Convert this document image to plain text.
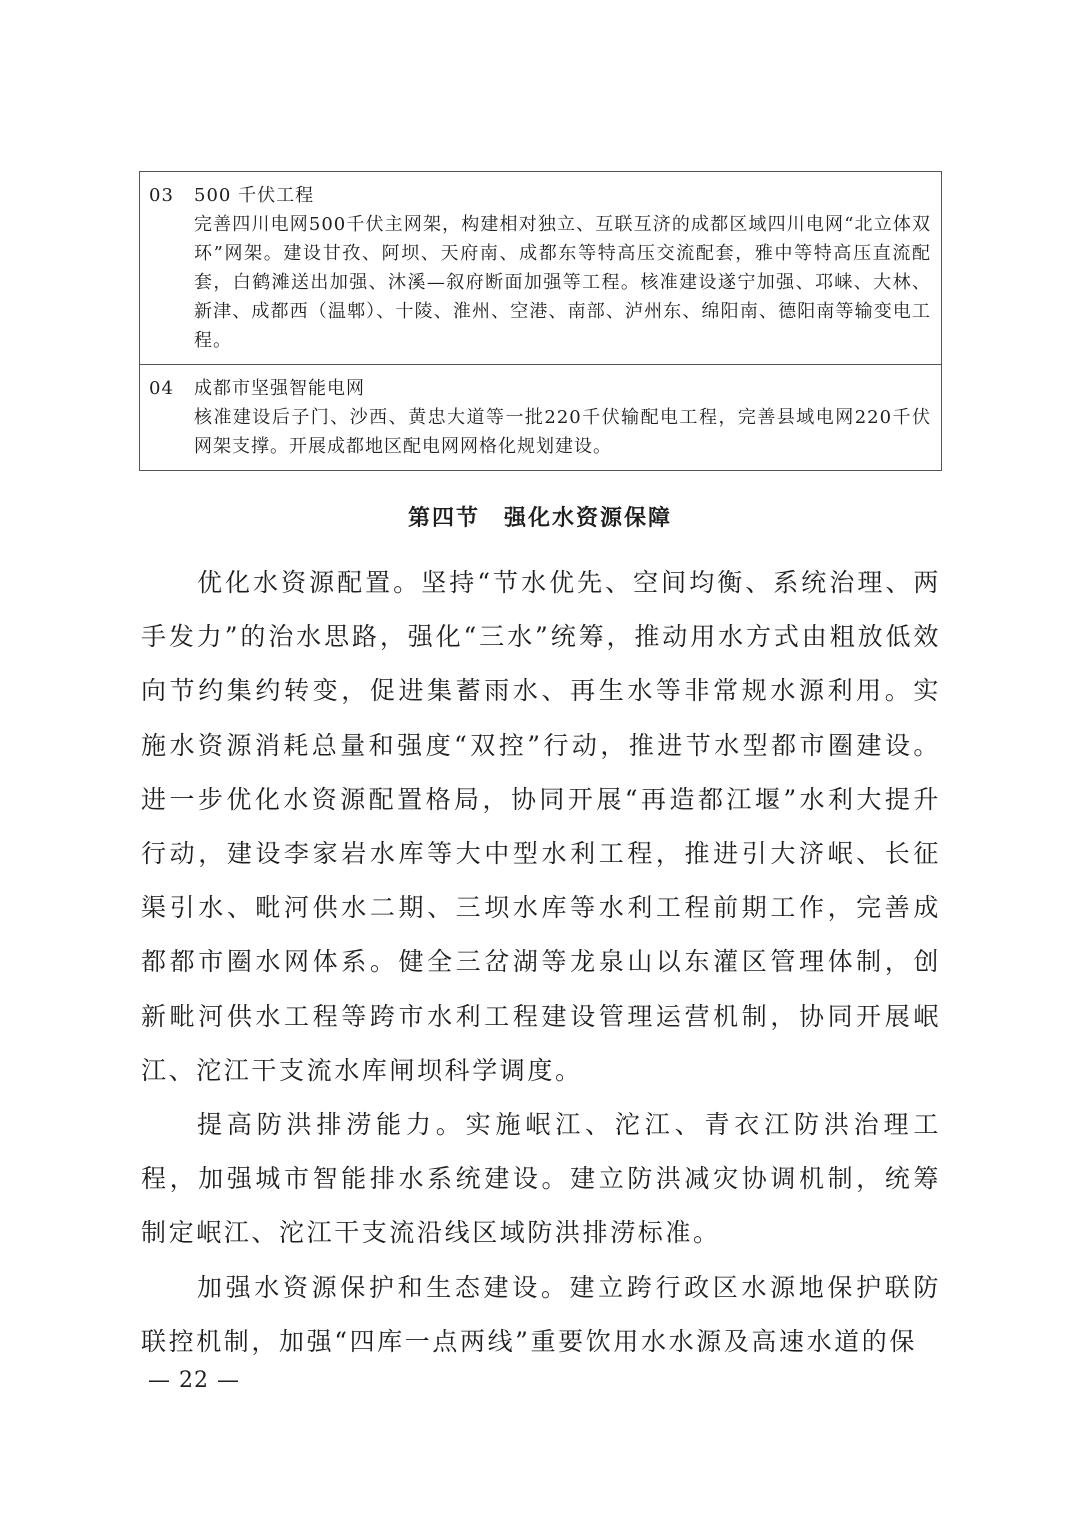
03 500 千伏工程
完善四川电网500千伏主网架，构建相对独立、互联互济的成都区域四川电网“北立体双环”网架。建设甘孜、阿坝、天府南、成都东等特高压交流配套，雅中等特高压直流配套，白鹤滩送出加强、沐溪—叙府断面加强等工程。核准建设遂宁加强、邛崃、大林、新津、成都西（温郫）、十陵、淮州、空港、南部、泸州东、绵阳南、德阳南等输变电工程。
04 成都市坚强智能电网
核准建设后子门、沙西、黄忠大道等一批220千伏输配电工程，完善县域电网220千伏网架支撑。开展成都地区配电网网格化规划建设。
第四节　强化水资源保障

优化水资源配置。坚持“节水优先、空间均衡、系统治理、两手发力”的治水思路，强化“三水”统筹，推动用水方式由粗放低效向节约集约转变，促进集蓄雨水、再生水等非常规水源利用。实施水资源消耗总量和强度“双控”行动，推进节水型都市圈建设。进一步优化水资源配置格局，协同开展“再造都江堰”水利大提升行动，建设李家岩水库等大中型水利工程，推进引大济岷、长征渠引水、毗河供水二期、三坝水库等水利工程前期工作，完善成都都市圈水网体系。健全三岔湖等龙泉山以东灌区管理体制，创新毗河供水工程等跨市水利工程建设管理运营机制，协同开展岷江、沱江干支流水库闸坝科学调度。

提高防洪排涝能力。实施岷江、沱江、青衣江防洪治理工程，加强城市智能排水系统建设。建立防洪减灾协调机制，统筹制定岷江、沱江干支流沿线区域防洪排涝标准。

加强水资源保护和生态建设。建立跨行政区水源地保护联防联控机制，加强“四库一点两线”重要饮用水水源及高速水道的保

— 22 —
